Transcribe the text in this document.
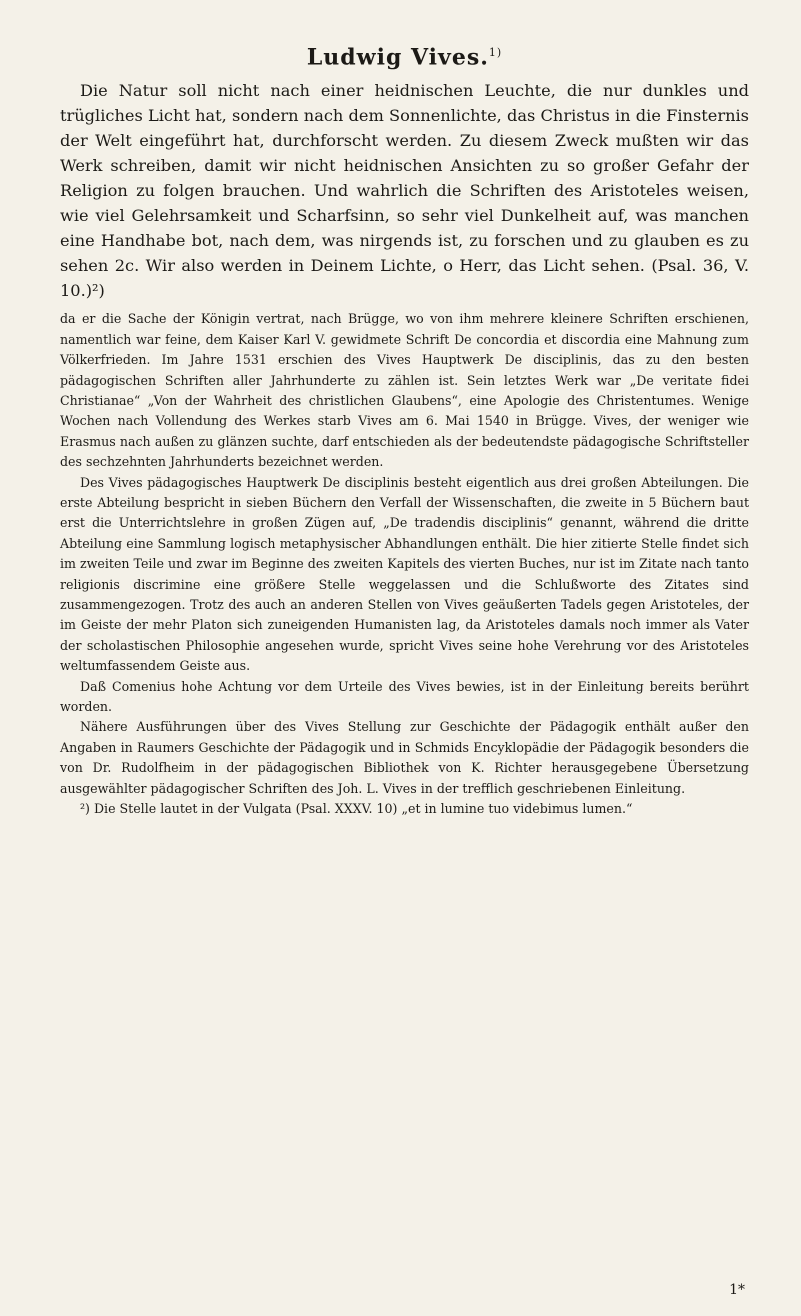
Ludwig Vives.$^{1)}$

Die Natur soll nicht nach einer heidnischen Leuchte, die nur dunkles und trügliches Licht hat, sondern nach dem Sonnenlichte, das Christus in die Finsternis der Welt eingeführt hat, durchforscht werden. Zu diesem Zweck mußten wir das Werk schreiben, damit wir nicht heidnischen Ansichten zu so großer Gefahr der Religion zu folgen brauchen. Und wahrlich die Schriften des Aristoteles weisen, wie viel Gelehrsamkeit und Scharfsinn, so sehr viel Dunkelheit auf, was manchen eine Handhabe bot, nach dem, was nirgends ist, zu forschen und zu glauben es zu sehen 2c. Wir also werden in Deinem Lichte, o Herr, das Licht sehen. (Psal. 36, V. 10.)²)

da er die Sache der Königin vertrat, nach Brügge, wo von ihm mehrere kleinere Schriften erschienen, namentlich war feine, dem Kaiser Karl V. gewidmete Schrift De concordia et discordia eine Mahnung zum Völkerfrieden. Im Jahre 1531 erschien des Vives Hauptwerk De disciplinis, das zu den besten pädagogischen Schriften aller Jahrhunderte zu zählen ist. Sein letztes Werk war „De veritate fidei Christianae“ „Von der Wahrheit des christlichen Glaubens“, eine Apologie des Christentumes. Wenige Wochen nach Vollendung des Werkes starb Vives am 6. Mai 1540 in Brügge. Vives, der weniger wie Erasmus nach außen zu glänzen suchte, darf entschieden als der bedeutendste pädagogische Schriftsteller des sechzehnten Jahrhunderts bezeichnet werden.

Des Vives pädagogisches Hauptwerk De disciplinis besteht eigentlich aus drei großen Abteilungen. Die erste Abteilung bespricht in sieben Büchern den Verfall der Wissenschaften, die zweite in 5 Büchern baut erst die Unterrichtslehre in großen Zügen auf, „De tradendis disciplinis“ genannt, während die dritte Abteilung eine Sammlung logisch metaphysischer Abhandlungen enthält. Die hier zitierte Stelle findet sich im zweiten Teile und zwar im Beginne des zweiten Kapitels des vierten Buches, nur ist im Zitate nach tanto religionis discrimine eine größere Stelle weggelassen und die Schlußworte des Zitates sind zusammengezogen. Trotz des auch an anderen Stellen von Vives geäußerten Tadels gegen Aristoteles, der im Geiste der mehr Platon sich zuneigenden Humanisten lag, da Aristoteles damals noch immer als Vater der scholastischen Philosophie angesehen wurde, spricht Vives seine hohe Verehrung vor des Aristoteles weltumfassendem Geiste aus.

Daß Comenius hohe Achtung vor dem Urteile des Vives bewies, ist in der Einleitung bereits berührt worden.

Nähere Ausführungen über des Vives Stellung zur Geschichte der Pädagogik enthält außer den Angaben in Raumers Geschichte der Pädagogik und in Schmids Encyklopädie der Pädagogik besonders die von Dr. Rudolfheim in der pädagogischen Bibliothek von K. Richter herausgegebene Übersetzung ausgewählter pädagogischer Schriften des Joh. L. Vives in der trefflich geschriebenen Einleitung.

²) Die Stelle lautet in der Vulgata (Psal. XXXV. 10) „et in lumine tuo videbimus lumen.“

1*
